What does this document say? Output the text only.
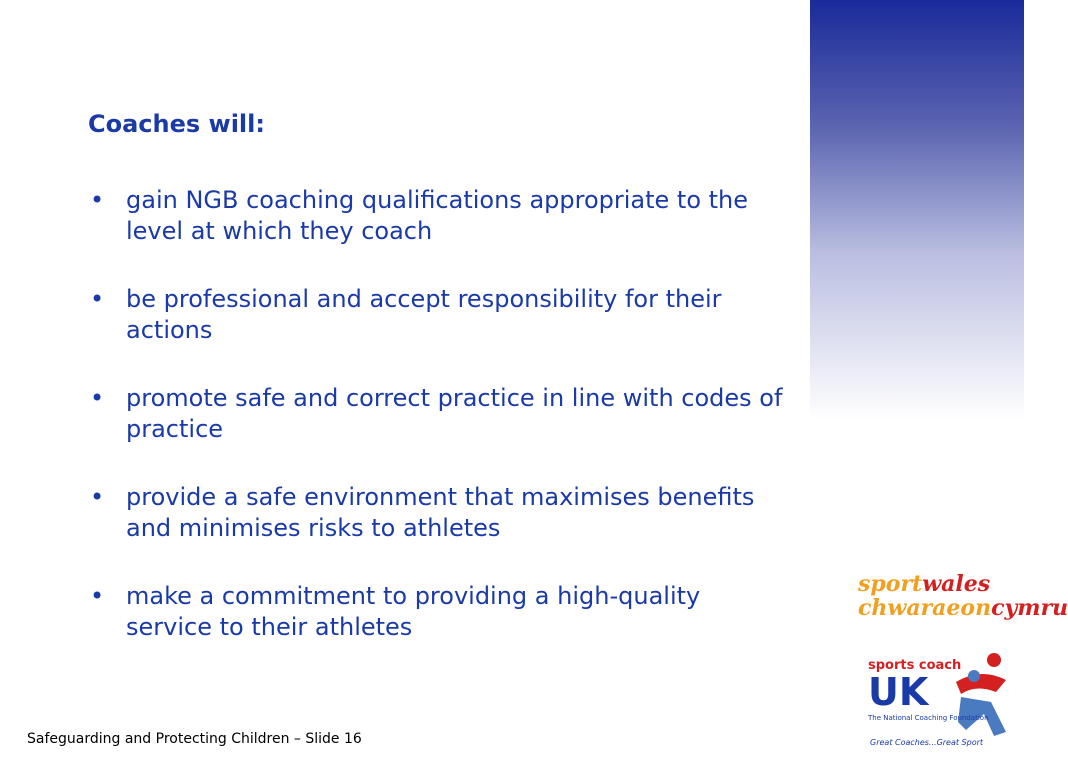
Coaches will:
• gain NGB coaching qualifications appropriate to the level at which they coach
• be professional and accept responsibility for their actions
• promote safe and correct practice in line with codes of practice
• provide a safe environment that maximises benefits and minimises risks to athletes
• make a commitment to providing a high-quality service to their athletes
sportwales
chwaraeoncymru
sports coach
UK
The National Coaching Foundation
Great Coaches...Great Sport
Safeguarding and Protecting Children – Slide 16
